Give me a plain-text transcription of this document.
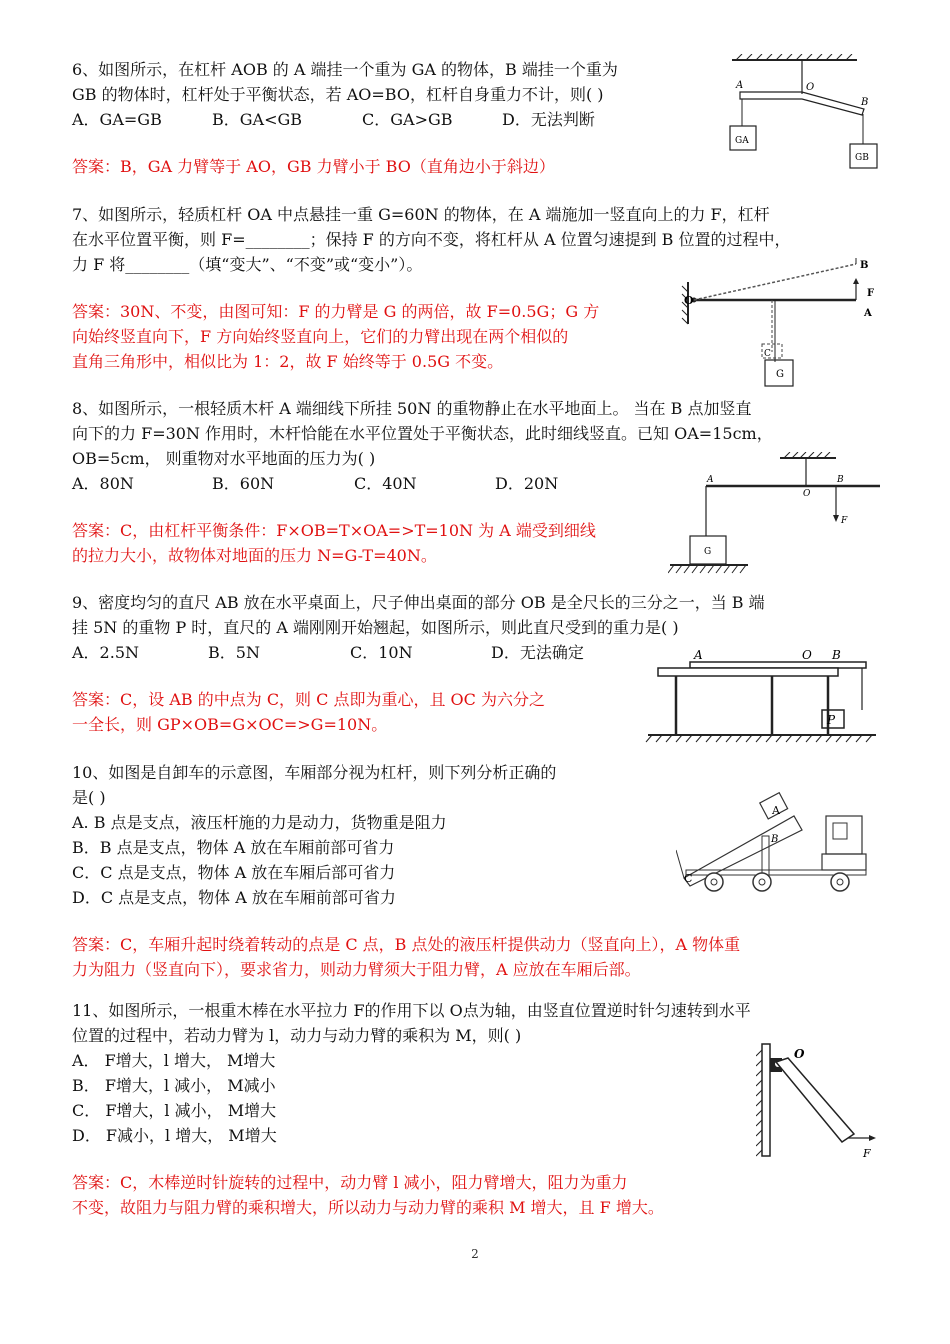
6、如图所示，在杠杆 AOB 的 A 端挂一个重为 GA 的物体，B 端挂一个重为
GB 的物体时，杠杆处于平衡状态，若 AO=BO，杠杆自身重力不计，则( )
A．GA=GB	B．GA<GB	C．GA>GB	D．无法判断
答案：B，GA 力臂等于 AO，GB 力臂小于 BO（直角边小于斜边）
A	O
B
GA
GB
7、如图所示，轻质杠杆 OA 中点悬挂一重 G=60N 的物体，在 A 端施加一竖直向上的力 F，杠杆
在水平位置平衡，则 F=________；保持 F 的方向不变，将杠杆从 A 位置匀速提到 B 位置的过程中，
力 F 将________（填“变大”、“不变”或“变小”）。
答案：30N、不变，由图可知：F 的力臂是 G 的两倍，故 F=0.5G；G 方
向始终竖直向下，F 方向始终竖直向上，它们的力臂出现在两个相似的
直角三角形中，相似比为 1：2，故 F 始终等于 0.5G 不变。
O
B
F
A
C
G
8、如图所示，一根轻质木杆 A 端细线下所挂 50N 的重物静止在水平地面上。 当在 B 点加竖直
向下的力 F=30N 作用时，木杆恰能在水平位置处于平衡状态，此时细线竖直。已知 OA=15cm，
OB=5cm， 则重物对水平地面的压力为( )
A．80N	B．60N	C．40N	D．20N
答案：C，由杠杆平衡条件：F×OB=T×OA=>T=10N 为 A 端受到细线
的拉力大小，故物体对地面的压力 N=G-T=40N。
A
O
B
F
G
9、密度均匀的直尺 AB 放在水平桌面上，尺子伸出桌面的部分 OB 是全尺长的三分之一，当 B 端
挂 5N 的重物 P 时，直尺的 A 端刚刚开始翘起，如图所示，则此直尺受到的重力是( )
A．2.5N	B．5N	C．10N	D．无法确定
答案：C，设 AB 的中点为 C，则 C 点即为重心，且 OC 为六分之
一全长，则 GP×OB=G×OC=>G=10N。
A	O B
P
10、如图是自卸车的示意图，车厢部分视为杠杆，则下列分析正确的
是( )
A. B 点是支点，液压杆施的力是动力，货物重是阻力
B．B 点是支点，物体 A 放在车厢前部可省力
C．C 点是支点，物体 A 放在车厢后部可省力
D．C 点是支点，物体 A 放在车厢前部可省力
答案：C，车厢升起时绕着转动的点是 C 点，B 点处的液压杆提供动力（竖直向上），A 物体重
力为阻力（竖直向下），要求省力，则动力臂须大于阻力臂，A 应放在车厢后部。
A
B
C
11、如图所示，一根重木棒在水平拉力 F的作用下以 O点为轴，由竖直位置逆时针匀速转到水平
位置的过程中，若动力臂为 l，动力与动力臂的乘积为 M，则( )
A． F增大，l 增大， M增大
B． F增大，l 减小， M减小
C． F增大，l 减小， M增大
D． F减小，l 增大， M增大
答案：C，木棒逆时针旋转的过程中，动力臂 l 减小，阻力臂增大，阻力为重力
不变，故阻力与阻力臂的乘积增大，所以动力与动力臂的乘积 M 增大，且 F 增大。
O
F
2
